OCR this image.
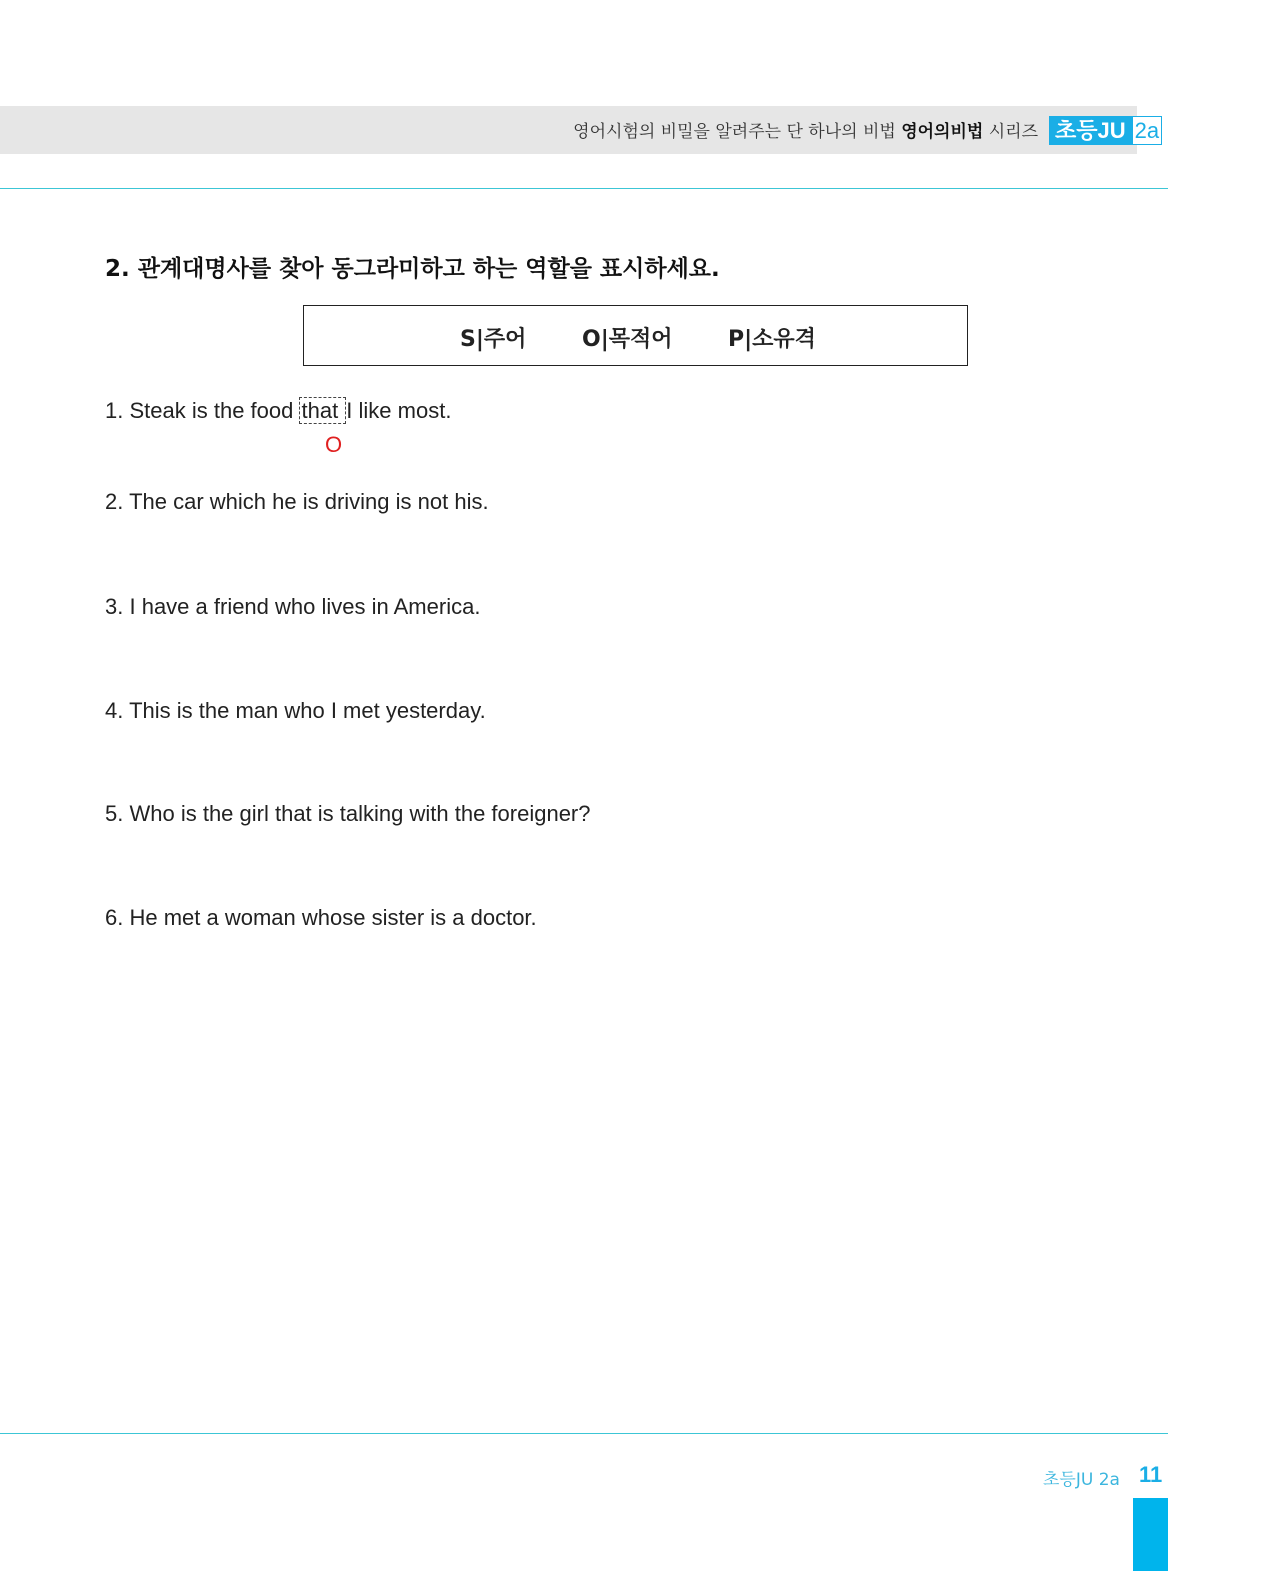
영어시험의 비밀을 알려주는 단 하나의 비법 영어의비법 시리즈 초등JU 2a
2. 관계대명사를 찾아 동그라미하고 하는 역할을 표시하세요.
S|주어	O|목적어	P|소유격
1. Steak is the food that I like most.
O
2. The car which he is driving is not his.
3. I have a friend who lives in America.
4. This is the man who I met yesterday.
5. Who is the girl that is talking with the foreigner?
6. He met a woman whose sister is a doctor.
초등JU 2a 11
